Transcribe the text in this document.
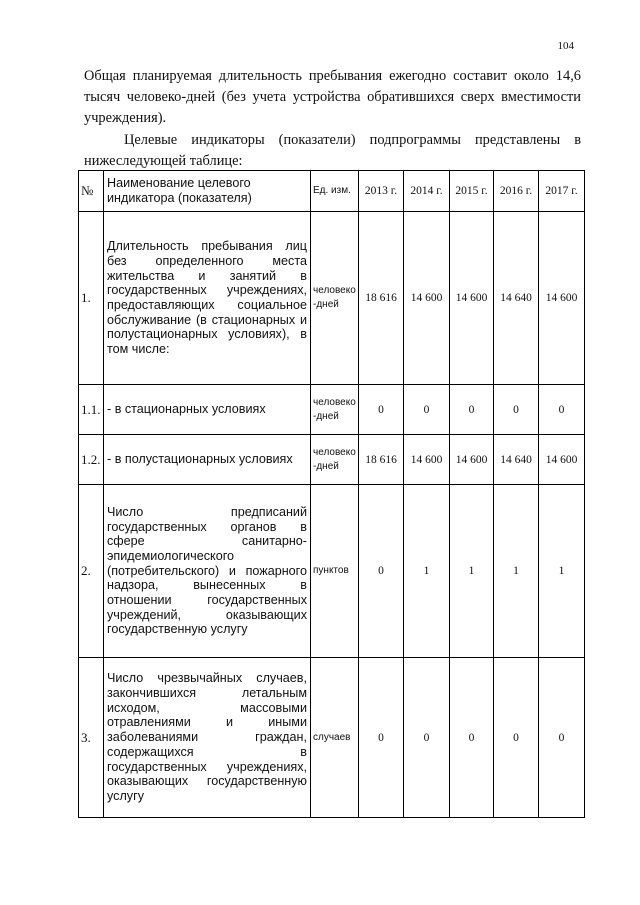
104
Общая планируемая длительность пребывания ежегодно составит около 14,6 тысяч человеко-дней (без учета устройства обратившихся сверх вместимости учреждения).
Целевые индикаторы (показатели) подпрограммы представлены в нижеследующей таблице:
№	Наименование целевого индикатора (показателя)	Ед. изм.	2013 г.	2014 г.	2015 г.	2016 г.	2017 г.
1.	Длительность пребывания лиц без определенного места жительства и занятий в государственных учреждениях, предоставляющих социальное обслуживание (в стационарных и полустационарных условиях), в том числе:	человеко-дней	18 616	14 600	14 600	14 640	14 600
1.1.	- в стационарных условиях	человеко-дней	0	0	0	0	0
1.2.	- в полустационарных условиях	человеко-дней	18 616	14 600	14 600	14 640	14 600
2.	Число предписаний государственных органов в сфере санитарно-эпидемиологического (потребительского) и пожарного надзора, вынесенных в отношении государственных учреждений, оказывающих государственную услугу	пунктов	0	1	1	1	1
3.	Число чрезвычайных случаев, закончившихся летальным исходом, массовыми отравлениями и иными заболеваниями граждан, содержащихся в государственных учреждениях, оказывающих государственную услугу	случаев	0	0	0	0	0
